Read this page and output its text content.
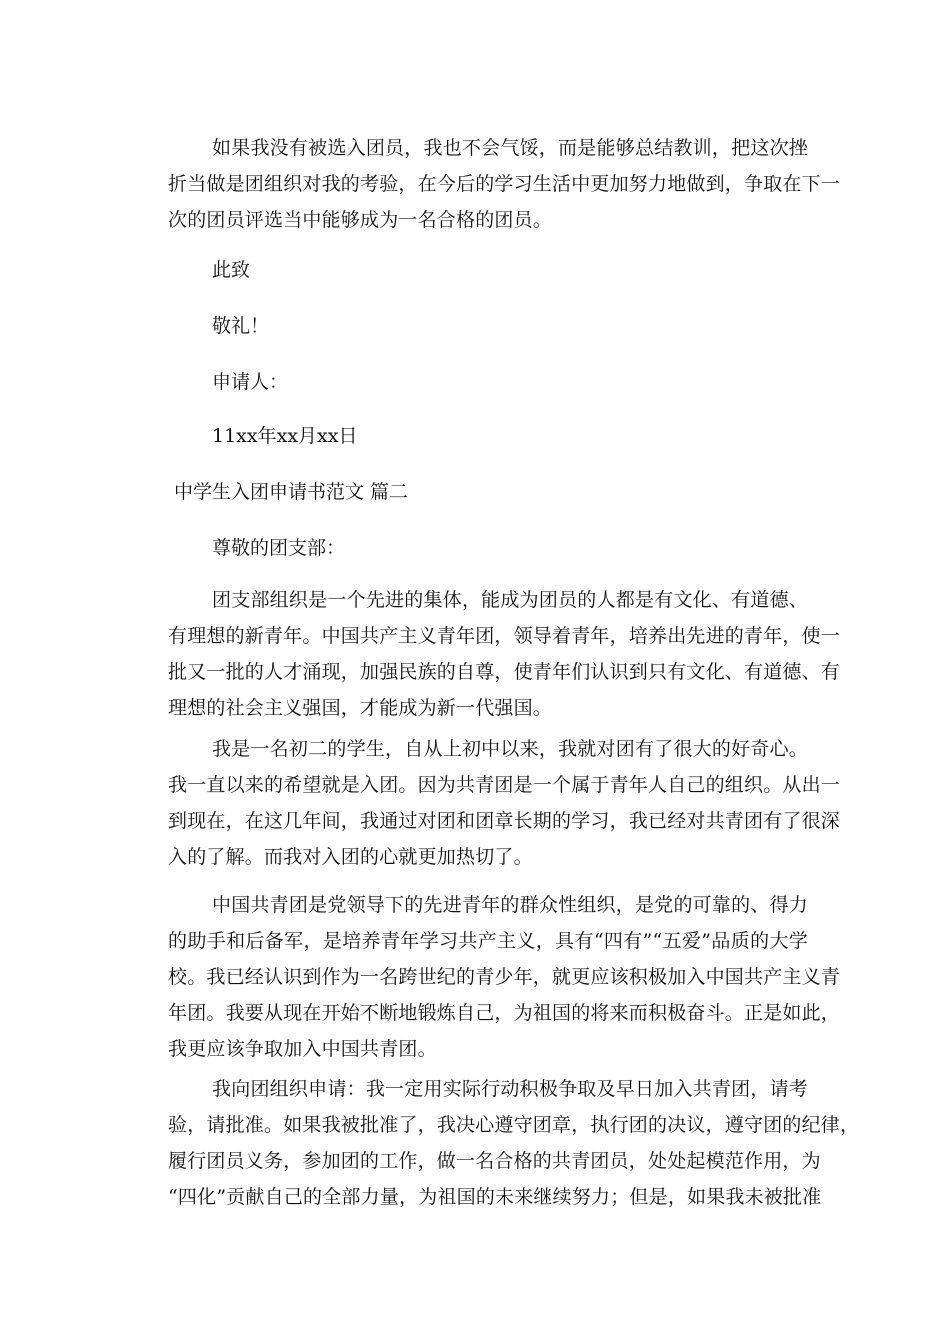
如果我没有被选入团员，我也不会气馁，而是能够总结教训，把这次挫
折当做是团组织对我的考验，在今后的学习生活中更加努力地做到，争取在下一
次的团员评选当中能够成为一名合格的团员。
此致
敬礼！
申请人：
11xx年xx月xx日
中学生入团申请书范文 篇二
尊敬的团支部：
团支部组织是一个先进的集体，能成为团员的人都是有文化、有道德、
有理想的新青年。中国共产主义青年团，领导着青年，培养出先进的青年，使一
批又一批的人才涌现，加强民族的自尊，使青年们认识到只有文化、有道德、有
理想的社会主义强国，才能成为新一代强国。
我是一名初二的学生，自从上初中以来，我就对团有了很大的好奇心。
我一直以来的希望就是入团。因为共青团是一个属于青年人自己的组织。从出一
到现在，在这几年间，我通过对团和团章长期的学习，我已经对共青团有了很深
入的了解。而我对入团的心就更加热切了。
中国共青团是党领导下的先进青年的群众性组织，是党的可靠的、得力
的助手和后备军，是培养青年学习共产主义，具有“四有”“五爱”品质的大学
校。我已经认识到作为一名跨世纪的青少年，就更应该积极加入中国共产主义青
年团。我要从现在开始不断地锻炼自己，为祖国的将来而积极奋斗。正是如此，
我更应该争取加入中国共青团。
我向团组织申请：我一定用实际行动积极争取及早日加入共青团，请考
验，请批准。如果我被批准了，我决心遵守团章，执行团的决议，遵守团的纪律，
履行团员义务，参加团的工作，做一名合格的共青团员，处处起模范作用，为
“四化”贡献自己的全部力量，为祖国的未来继续努力；但是，如果我未被批准
